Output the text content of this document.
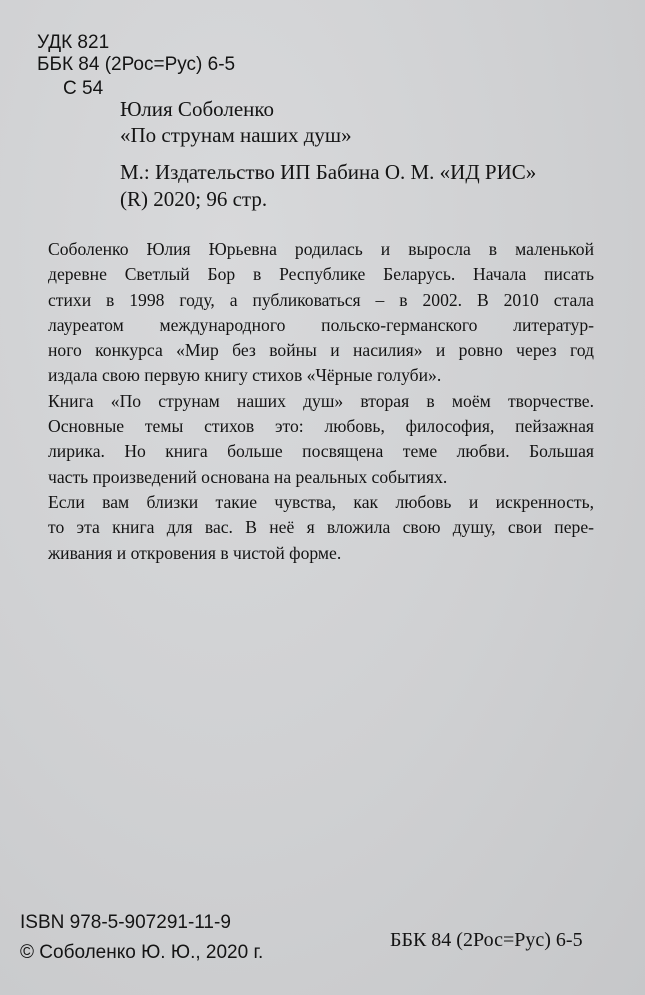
УДК 821
ББК 84 (2Рос=Рус) 6-5
С 54
Юлия Соболенко
«По струнам наших душ»
М.: Издательство ИП Бабина О. М. «ИД РИС»
(R) 2020; 96 стр.

Соболенко Юлия Юрьевна родилась и выросла в маленькой
деревне Светлый Бор в Республике Беларусь. Начала писать
стихи в 1998 году, а публиковаться – в 2002. В 2010 стала
лауреатом международного польско-германского литератур-
ного конкурса «Мир без войны и насилия» и ровно через год
издала свою первую книгу стихов «Чёрные голуби».

Книга «По струнам наших душ» вторая в моём творчестве.
Основные темы стихов это: любовь, философия, пейзажная
лирика. Но книга больше посвящена теме любви. Большая
часть произведений основана на реальных событиях.

Если вам близки такие чувства, как любовь и искренность,
то эта книга для вас. В неё я вложила свою душу, свои пере-
живания и откровения в чистой форме.

ISBN 978-5-907291-11-9
© Соболенко Ю. Ю., 2020 г.
ББК 84 (2Рос=Рус) 6-5
